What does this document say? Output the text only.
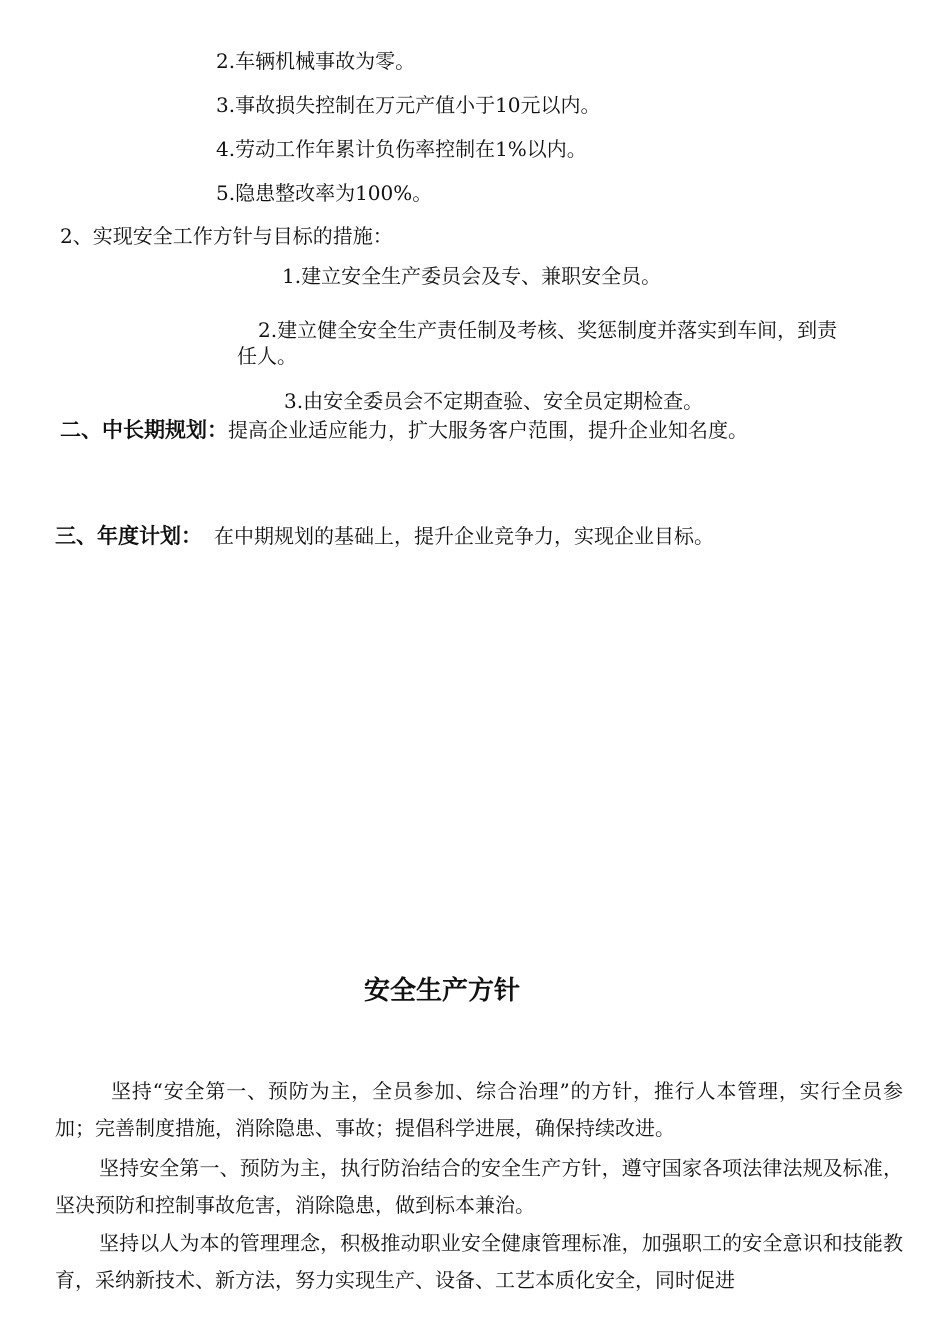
2.车辆机械事故为零。
3.事故损失控制在万元产值小于10元以内。
4.劳动工作年累计负伤率控制在1%以内。
5.隐患整改率为100%。
2、实现安全工作方针与目标的措施：
1.建立安全生产委员会及专、兼职安全员。
2.建立健全安全生产责任制及考核、奖惩制度并落实到车间，到责
任人。
3.由安全委员会不定期查验、安全员定期检查。
二、中长期规划：提高企业适应能力，扩大服务客户范围，提升企业知名度。
三、年度计划： 在中期规划的基础上，提升企业竞争力，实现企业目标。
安全生产方针
坚持“安全第一、预防为主，全员参加、综合治理”的方针，推行人本管理，实行全员参加；完善制度措施，消除隐患、事故；提倡科学进展，确保持续改进。
坚持安全第一、预防为主，执行防治结合的安全生产方针，遵守国家各项法律法规及标准，坚决预防和控制事故危害，消除隐患，做到标本兼治。
坚持以人为本的管理理念，积极推动职业安全健康管理标准，加强职工的安全意识和技能教育，采纳新技术、新方法，努力实现生产、设备、工艺本质化安全，同时促进
